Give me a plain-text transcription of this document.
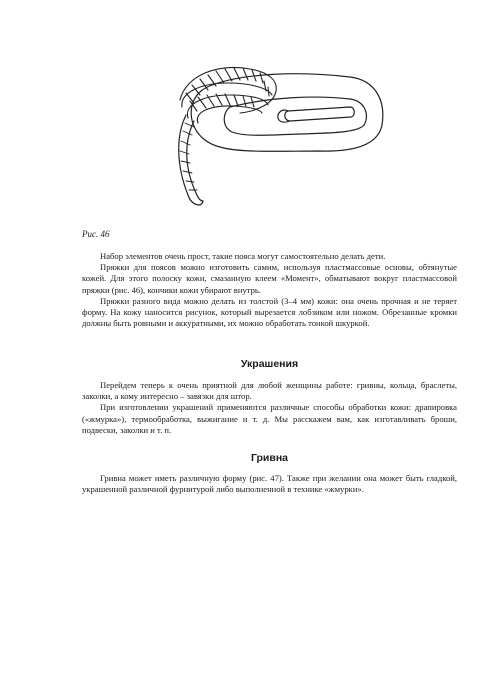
Рис. 46

Набор элементов очень прост, такие пояса могут самостоятельно делать дети.

Пряжки для поясов можно изготовить самим, используя пластмассовые основы, обтянутые кожей. Для этого полоску кожи, смазанную клеем «Момент», обматывают вокруг пластмассовой пряжки (рис. 46), кончики кожи убирают внутрь.

Пряжки разного вида можно делать из толстой (3–4 мм) кожи: она очень прочная и не теряет форму. На кожу наносится рисунок, который вырезается лобзиком или ножом. Обрезанные кромки должны быть ровными и аккуратными, их можно обработать тонкой шкуркой.

Украшения

Перейдем теперь к очень приятной для любой женщины работе: гривны, кольца, браслеты, заколки, а кому интересно – завязки для штор.

При изготовлении украшений применяются различные способы обработки кожи: драпировка («жмурка»), термообработка, выжигание и т. д. Мы расскажем вам, как изготавливать броши, подвески, заколки и т. п.

Гривна

Гривна может иметь различную форму (рис. 47). Также при желании она может быть гладкой, украшенной различной фурнитурой либо выполненной в технике «жмурки».
